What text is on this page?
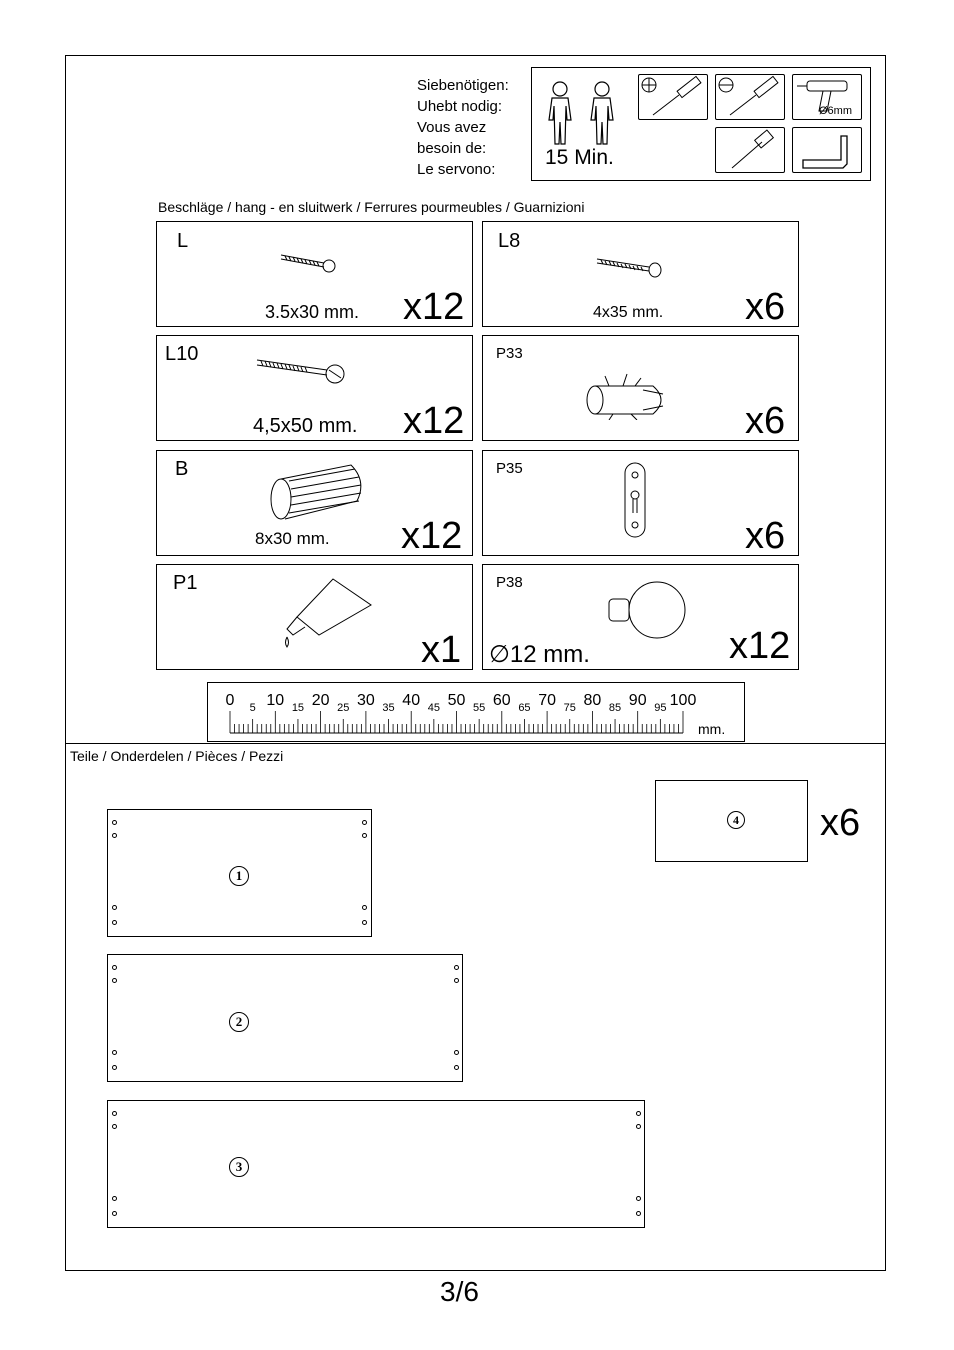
Siebenötigen:
Uhebt nodig:
Vous avez
besoin de:
Le servono:
15 Min.
Ø6mm
Beschläge / hang - en sluitwerk / Ferrures pourmeubles / Guarnizioni
L
3.5x30 mm. x12
L8
4x35 mm. x6
L10
4,5x50 mm. x12
P33
x6
B
8x30 mm. x12
P35
x6
P1
x1
P38
∅12 mm.	x12
0 10 20 30 40 50 60 70 80 90 100
5	15	25	35	45	55	65	75	85	95
mm.
Teile / Onderdelen / Pièces / Pezzi
1
2
3
4 x6
3/6
